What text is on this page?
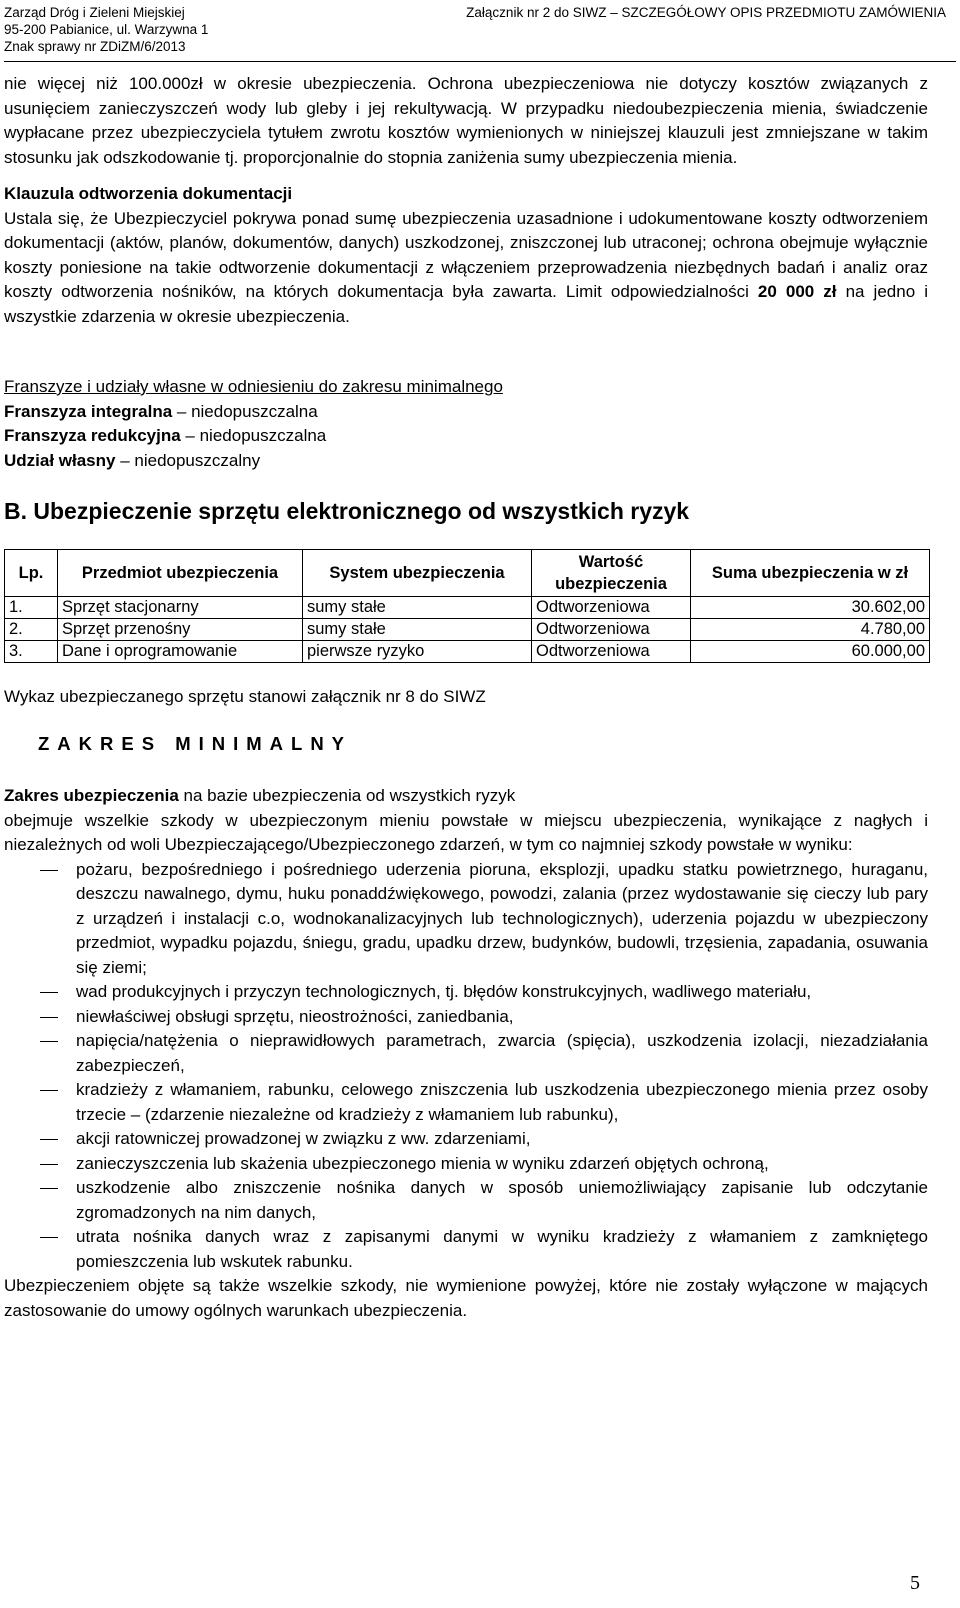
Zarząd Dróg i Zieleni Miejskiej
95-200 Pabianice, ul. Warzywna 1
Znak sprawy nr ZDiZM/6/2013
Załącznik nr 2 do SIWZ – SZCZEGÓŁOWY OPIS PRZEDMIOTU ZAMÓWIENIA

nie więcej niż 100.000zł w okresie ubezpieczenia. Ochrona ubezpieczeniowa nie dotyczy kosztów związanych z usunięciem zanieczyszczeń wody lub gleby i jej rekultywacją. W przypadku niedoubezpieczenia mienia, świadczenie wypłacane przez ubezpieczyciela tytułem zwrotu kosztów wymienionych w niniejszej klauzuli jest zmniejszane w takim stosunku jak odszkodowanie tj. proporcjonalnie do stopnia zaniżenia sumy ubezpieczenia mienia.

Klauzula odtworzenia dokumentacji

Ustala się, że Ubezpieczyciel pokrywa ponad sumę ubezpieczenia uzasadnione i udokumentowane koszty odtworzeniem dokumentacji (aktów, planów, dokumentów, danych) uszkodzonej, zniszczonej lub utraconej; ochrona obejmuje wyłącznie koszty poniesione na takie odtworzenie dokumentacji z włączeniem przeprowadzenia niezbędnych badań i analiz oraz koszty odtworzenia nośników, na których dokumentacja była zawarta. Limit odpowiedzialności 20 000 zł na jedno i wszystkie zdarzenia w okresie ubezpieczenia.

Franszyze i udziały własne w odniesieniu do zakresu minimalnego
Franszyza integralna – niedopuszczalna
Franszyza redukcyjna – niedopuszczalna
Udział własny – niedopuszczalny
B. Ubezpieczenie sprzętu elektronicznego od wszystkich ryzyk
Lp.	Przedmiot ubezpieczenia	System ubezpieczenia	Wartość ubezpieczenia	Suma ubezpieczenia w zł
1.	Sprzęt stacjonarny	sumy stałe	Odtworzeniowa	30.602,00
2.	Sprzęt przenośny	sumy stałe	Odtworzeniowa	4.780,00
3.	Dane i oprogramowanie	pierwsze ryzyko	Odtworzeniowa	60.000,00
Wykaz ubezpieczanego sprzętu stanowi załącznik nr 8 do SIWZ
ZAKRES MINIMALNY
Zakres ubezpieczenia na bazie ubezpieczenia od wszystkich ryzyk

obejmuje wszelkie szkody w ubezpieczonym mieniu powstałe w miejscu ubezpieczenia, wynikające z nagłych i niezależnych od woli Ubezpieczającego/Ubezpieczonego zdarzeń, w tym co najmniej szkody powstałe w wyniku:

pożaru, bezpośredniego i pośredniego uderzenia pioruna, eksplozji, upadku statku powietrznego, huraganu, deszczu nawalnego, dymu, huku ponaddźwiękowego, powodzi, zalania (przez wydostawanie się cieczy lub pary z urządzeń i instalacji c.o, wodnokanalizacyjnych lub technologicznych), uderzenia pojazdu w ubezpieczony przedmiot, wypadku pojazdu, śniegu, gradu, upadku drzew, budynków, budowli, trzęsienia, zapadania, osuwania się ziemi;
wad produkcyjnych i przyczyn technologicznych, tj. błędów konstrukcyjnych, wadliwego materiału,
niewłaściwej obsługi sprzętu, nieostrożności, zaniedbania,
napięcia/natężenia o nieprawidłowych parametrach, zwarcia (spięcia), uszkodzenia izolacji, niezadziałania zabezpieczeń,
kradzieży z włamaniem, rabunku, celowego zniszczenia lub uszkodzenia ubezpieczonego mienia przez osoby trzecie – (zdarzenie niezależne od kradzieży z włamaniem lub rabunku),
akcji ratowniczej prowadzonej w związku z ww. zdarzeniami,
zanieczyszczenia lub skażenia ubezpieczonego mienia w wyniku zdarzeń objętych ochroną,
uszkodzenie albo zniszczenie nośnika danych w sposób uniemożliwiający zapisanie lub odczytanie zgromadzonych na nim danych,
utrata nośnika danych wraz z zapisanymi danymi w wyniku kradzieży z włamaniem z zamkniętego pomieszczenia lub wskutek rabunku.

Ubezpieczeniem objęte są także wszelkie szkody, nie wymienione powyżej, które nie zostały wyłączone w mających zastosowanie do umowy ogólnych warunkach ubezpieczenia.

5
